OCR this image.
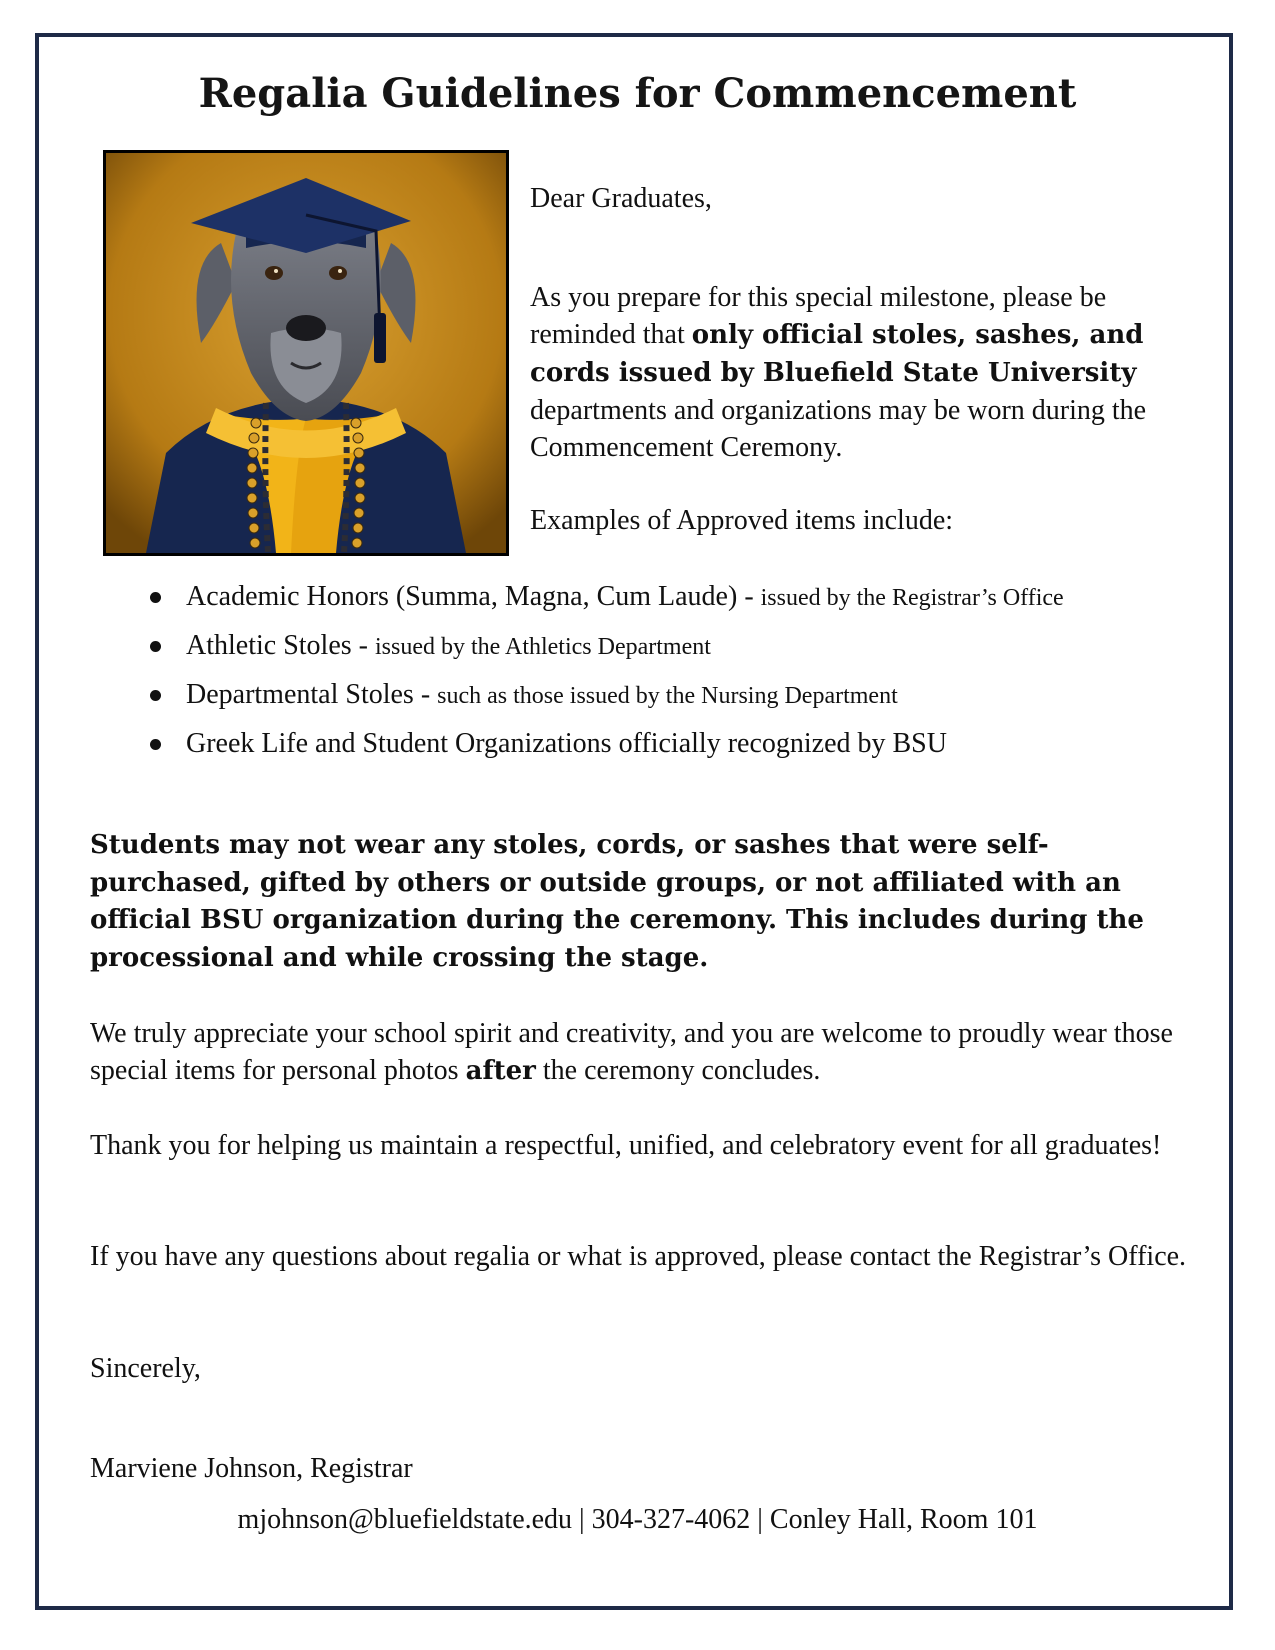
Regalia Guidelines for Commencement

Dear Graduates,

As you prepare for this special milestone, please be reminded that only official stoles, sashes, and cords issued by Bluefield State University departments and organizations may be worn during the Commencement Ceremony.

Examples of Approved items include:

Academic Honors (Summa, Magna, Cum Laude) - issued by the Registrar’s Office
Athletic Stoles - issued by the Athletics Department
Departmental Stoles - such as those issued by the Nursing Department
Greek Life and Student Organizations officially recognized by BSU

Students may not wear any stoles, cords, or sashes that were self-purchased, gifted by others or outside groups, or not affiliated with an official BSU organization during the ceremony. This includes during the processional and while crossing the stage.

We truly appreciate your school spirit and creativity, and you are welcome to proudly wear those special items for personal photos after the ceremony concludes.

Thank you for helping us maintain a respectful, unified, and celebratory event for all graduates!

If you have any questions about regalia or what is approved, please contact the Registrar’s Office.

Sincerely,

Marviene Johnson, Registrar

mjohnson@bluefieldstate.edu | 304-327-4062 | Conley Hall, Room 101
